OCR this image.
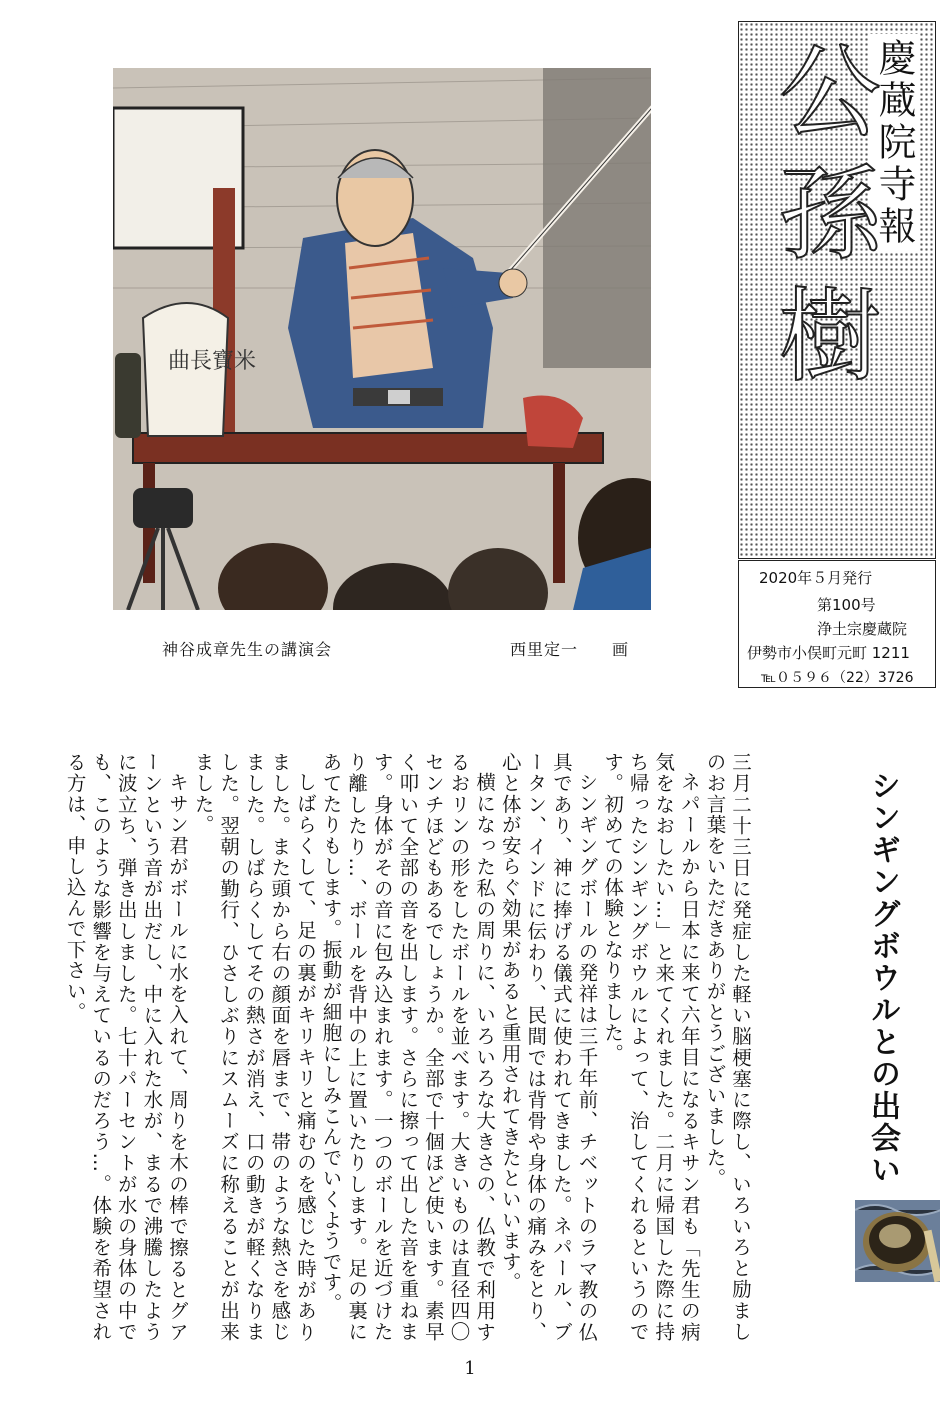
曲長寶米
神谷成章先生の講演会	西里定一　　画
慶蔵院寺報
公孫樹
2020年５月発行
第100号
浄土宗慶蔵院
伊勢市小俣町元町 1211
℡０５９６（22）3726
シンギングボウルとの出会い

三月二十三日に発症した軽い脳梗塞に際し、いろいろと励ましのお言葉をいただきありがとうございました。

ネパールから日本に来て六年目になるキサン君も「先生の病気をなおしたい…」と来てくれました。二月に帰国した際に持ち帰ったシンギングボウルによって、治してくれるというのです。初めての体験となりました。

シンギングボールの発祥は三千年前、チベットのラマ教の仏具であり、神に捧げる儀式に使われてきました。ネパール、ブータン、インドに伝わり、民間では背骨や身体の痛みをとり、心と体が安らぐ効果があると重用されてきたといいます。

横になった私の周りに、いろいろな大きさの、仏教で利用するおリンの形をしたボールを並べます。大きいものは直径四〇センチほどもあるでしょうか。全部で十個ほど使います。素早く叩いて全部の音を出します。さらに擦って出した音を重ねます。身体がその音に包み込まれます。一つのボールを近づけたり離したり…、ボールを背中の上に置いたりします。足の裏にあてたりもします。振動が細胞にしみこんでいくようです。

しばらくして、足の裏がキリキリと痛むのを感じた時がありました。また頭から右の顔面を唇まで、帯のような熱さを感じました。しばらくしてその熱さが消え、口の動きが軽くなりました。翌朝の勤行、ひさしぶりにスムーズに称えることが出来ました。

キサン君がボールに水を入れて、周りを木の棒で擦るとグアーンという音が出だし、中に入れた水が、まるで沸騰したように波立ち、弾き出しました。七十パーセントが水の身体の中でも、このような影響を与えているのだろう…。体験を希望される方は、申し込んで下さい。

1
